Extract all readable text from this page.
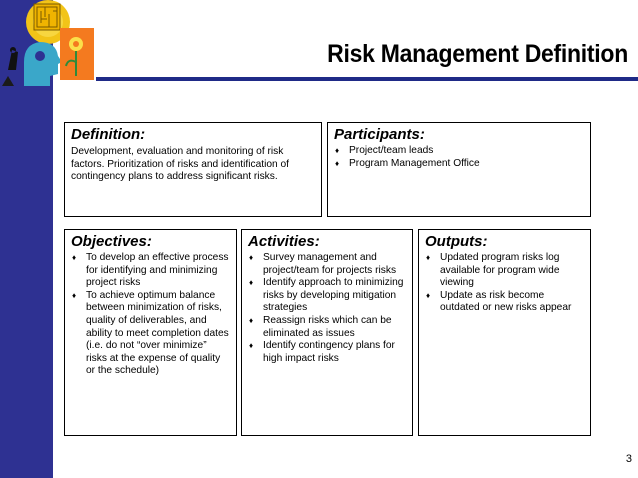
Risk Management Definition
Definition:

Development, evaluation and monitoring of risk factors. Prioritization of risks and identification of contingency plans to address significant risks.

Participants:
♦ Project/team leads
♦ Program Management Office
Objectives:
♦ To develop an effective process for identifying and minimizing project risks
♦ To achieve optimum balance between minimization of risks, quality of deliverables, and ability to meet completion dates (i.e. do not “over minimize” risks at the expense of quality or the schedule)
Activities:
♦ Survey management and project/team for projects risks
♦ Identify approach to minimizing risks by developing mitigation strategies
♦ Reassign risks which can be eliminated as issues
♦ Identify contingency plans for high impact risks
Outputs:
♦ Updated program risks log available for program wide viewing
♦ Update as risk become outdated or new risks appear
3
